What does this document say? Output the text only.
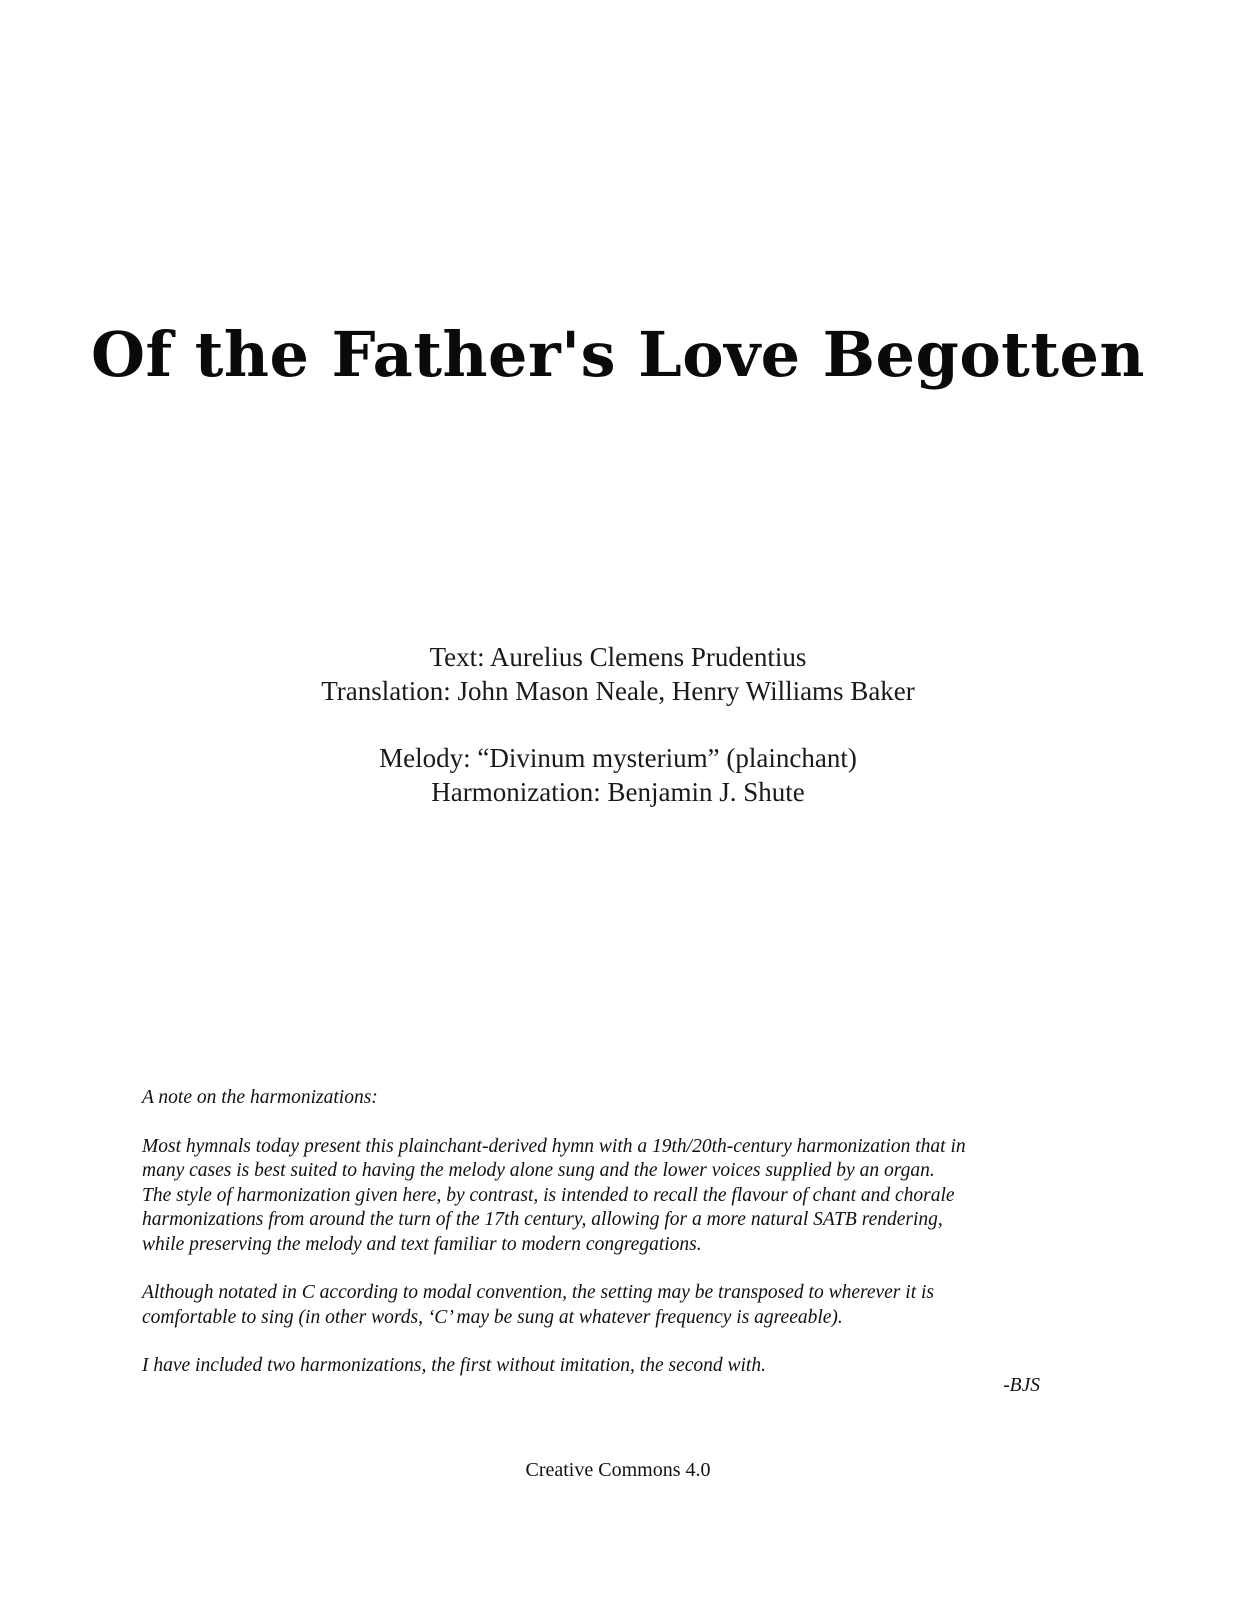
Of the Father's Love Begotten
Text: Aurelius Clemens Prudentius
Translation: John Mason Neale, Henry Williams Baker
Melody: “Divinum mysterium” (plainchant)
Harmonization: Benjamin J. Shute

A note on the harmonizations:

Most hymnals today present this plainchant-derived hymn with a 19th/20th-century harmonization that in
many cases is best suited to having the melody alone sung and the lower voices supplied by an organ.
The style of harmonization given here, by contrast, is intended to recall the flavour of chant and chorale
harmonizations from around the turn of the 17th century, allowing for a more natural SATB rendering,
while preserving the melody and text familiar to modern congregations.

Although notated in C according to modal convention, the setting may be transposed to wherever it is
comfortable to sing (in other words, ‘C’ may be sung at whatever frequency is agreeable).

I have included two harmonizations, the first without imitation, the second with.

-BJS
Creative Commons 4.0
